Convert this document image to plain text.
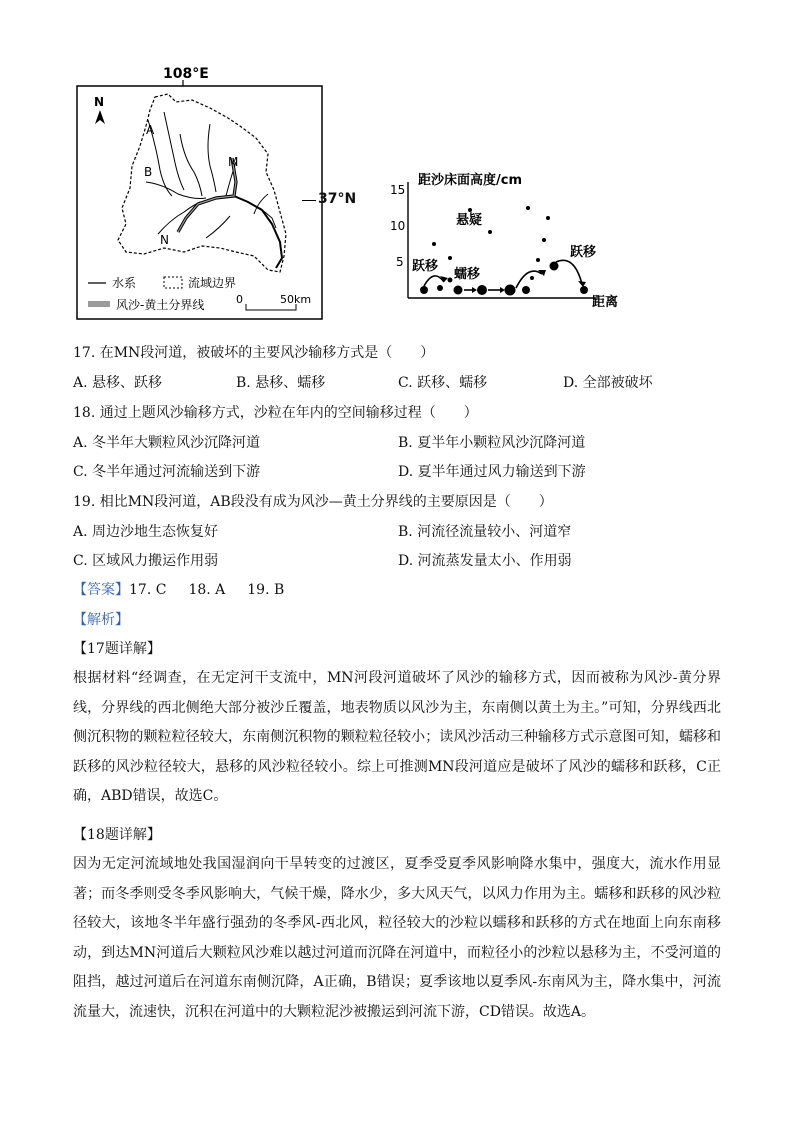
108°E
N
A
B
M
N
水系	流域边界
风沙-黄土分界线	0	50km
37°N
距沙床面高度/cm
15
10
5
距离
悬疑
跃移
蠕移
跃移
17. 在MN段河道，被破坏的主要风沙输移方式是（　　）
A. 悬移、跃移	B. 悬移、蠕移	C. 跃移、蠕移	D. 全部被破坏
18. 通过上题风沙输移方式，沙粒在年内的空间输移过程（　　）
A. 冬半年大颗粒风沙沉降河道	B. 夏半年小颗粒风沙沉降河道
C. 冬半年通过河流输送到下游	D. 夏半年通过风力输送到下游
19. 相比MN段河道，AB段没有成为风沙—黄土分界线的主要原因是（　　）
A. 周边沙地生态恢复好	B. 河流径流量较小、河道窄
C. 区域风力搬运作用弱	D. 河流蒸发量太小、作用弱
【答案】17. C 18. A 19. B
【解析】
【17题详解】
根据材料“经调查，在无定河干支流中，MN河段河道破坏了风沙的输移方式，因而被称为风沙-黄分界线，分界线的西北侧绝大部分被沙丘覆盖，地表物质以风沙为主，东南侧以黄土为主。”可知，分界线西北侧沉积物的颗粒粒径较大，东南侧沉积物的颗粒粒径较小；读风沙活动三种输移方式示意图可知，蠕移和跃移的风沙粒径较大，悬移的风沙粒径较小。综上可推测MN段河道应是破坏了风沙的蠕移和跃移，C正确，ABD错误，故选C。
【18题详解】
因为无定河流域地处我国湿润向干旱转变的过渡区，夏季受夏季风影响降水集中，强度大，流水作用显著；而冬季则受冬季风影响大，气候干燥，降水少，多大风天气，以风力作用为主。蠕移和跃移的风沙粒径较大，该地冬半年盛行强劲的冬季风-西北风，粒径较大的沙粒以蠕移和跃移的方式在地面上向东南移动，到达MN河道后大颗粒风沙难以越过河道而沉降在河道中，而粒径小的沙粒以悬移为主，不受河道的阻挡，越过河道后在河道东南侧沉降，A正确，B错误；夏季该地以夏季风-东南风为主，降水集中，河流流量大，流速快，沉积在河道中的大颗粒泥沙被搬运到河流下游，CD错误。故选A。
